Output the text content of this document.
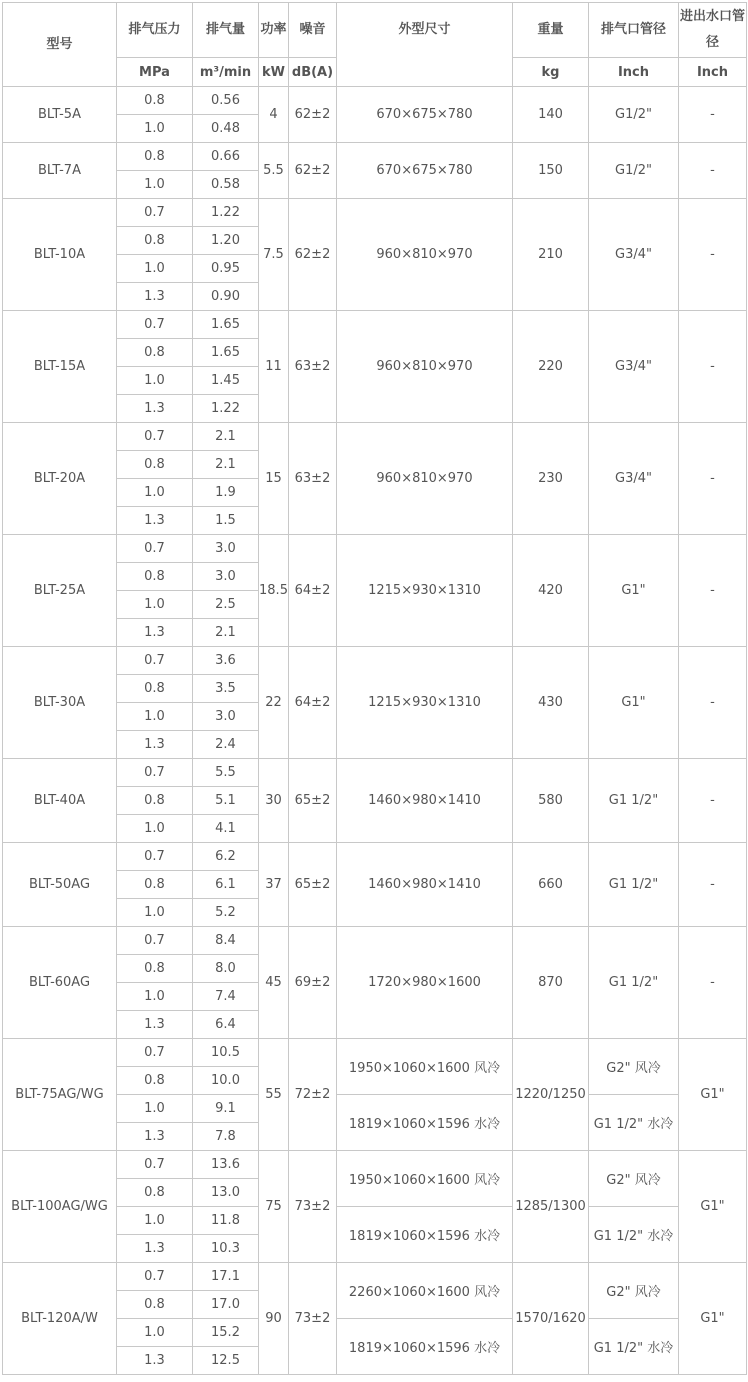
型号	排气压力	排气量	功率	噪音	外型尺寸	重量	排气口管径	进出水口管径
	MPa	m³/min	kW	dB(A)		kg	Inch	Inch
BLT-5A	0.8	0.56	4	62±2	670×675×780	140	G1/2"	-
	1.0	0.48						
BLT-7A	0.8	0.66	5.5	62±2	670×675×780	150	G1/2"	-
	1.0	0.58						
BLT-10A	0.7	1.22	7.5	62±2	960×810×970	210	G3/4"	-
	0.8	1.20						
	1.0	0.95						
	1.3	0.90						
BLT-15A	0.7	1.65	11	63±2	960×810×970	220	G3/4"	-
	0.8	1.65						
	1.0	1.45						
	1.3	1.22						
BLT-20A	0.7	2.1	15	63±2	960×810×970	230	G3/4"	-
	0.8	2.1						
	1.0	1.9						
	1.3	1.5						
BLT-25A	0.7	3.0	18.5	64±2	1215×930×1310	420	G1"	-
	0.8	3.0						
	1.0	2.5						
	1.3	2.1						
BLT-30A	0.7	3.6	22	64±2	1215×930×1310	430	G1"	-
	0.8	3.5						
	1.0	3.0						
	1.3	2.4						
BLT-40A	0.7	5.5	30	65±2	1460×980×1410	580	G1 1/2"	-
	0.8	5.1						
	1.0	4.1						
BLT-50AG	0.7	6.2	37	65±2	1460×980×1410	660	G1 1/2"	-
	0.8	6.1						
	1.0	5.2						
BLT-60AG	0.7	8.4	45	69±2	1720×980×1600	870	G1 1/2"	-
	0.8	8.0						
	1.0	7.4						
	1.3	6.4						
BLT-75AG/WG	0.7	10.5	55	72±2	1950×1060×1600 风冷	1220/1250	G2" 风冷	G1"
	0.8	10.0						
	1.0	9.1			1819×1060×1596 水冷		G1 1/2" 水冷	
	1.3	7.8						
BLT-100AG/WG	0.7	13.6	75	73±2	1950×1060×1600 风冷	1285/1300	G2" 风冷	G1"
	0.8	13.0						
	1.0	11.8			1819×1060×1596 水冷		G1 1/2" 水冷	
	1.3	10.3						
BLT-120A/W	0.7	17.1	90	73±2	2260×1060×1600 风冷	1570/1620	G2" 风冷	G1"
	0.8	17.0						
	1.0	15.2			1819×1060×1596 水冷		G1 1/2" 水冷	
	1.3	12.5						
